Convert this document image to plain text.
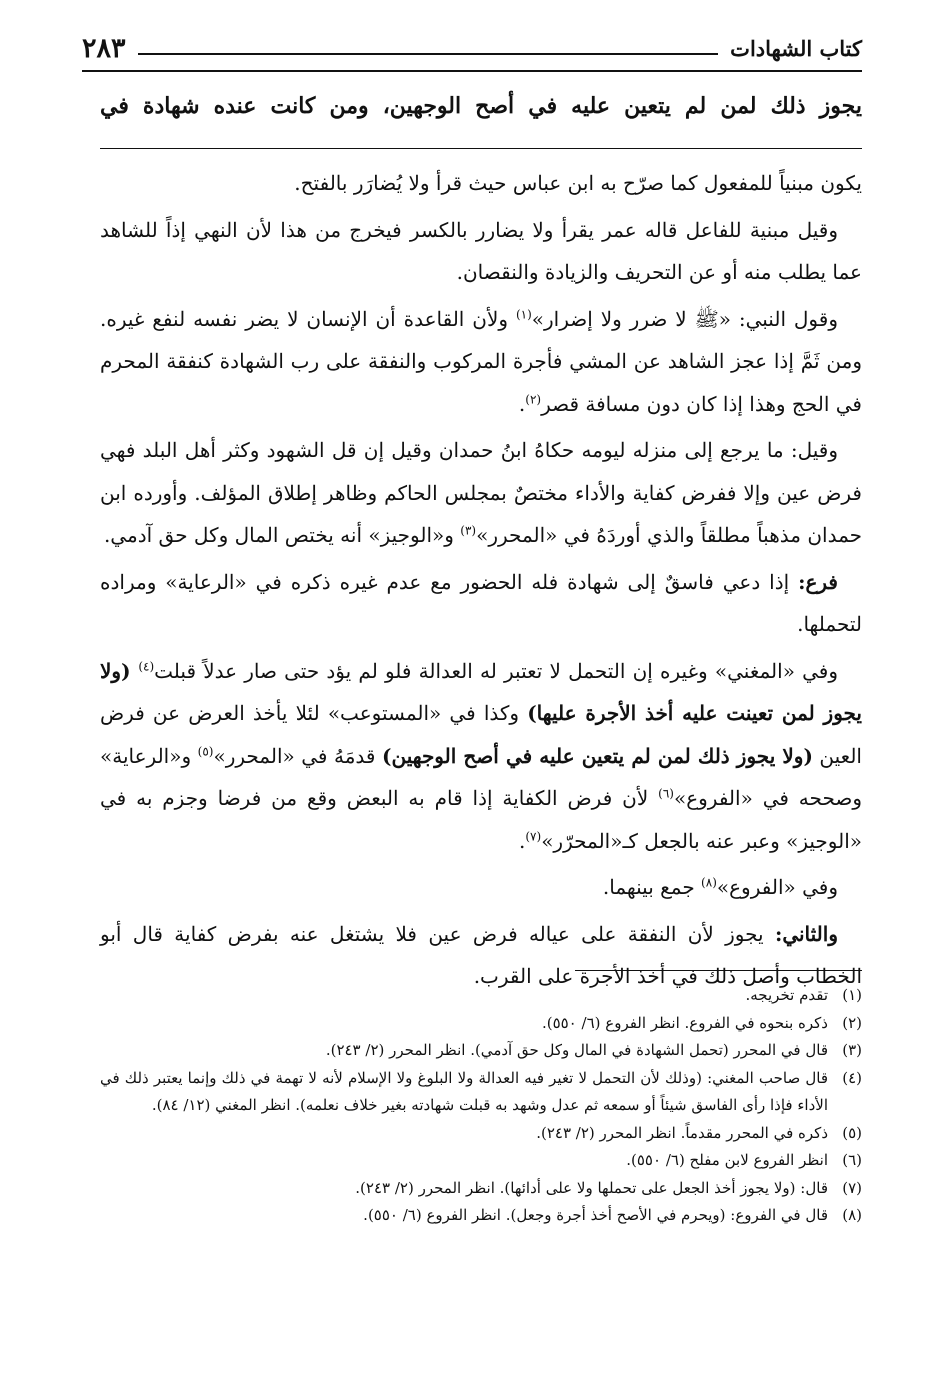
٢٨٣	كتاب الشهادات
يجوز ذلك لمن لم يتعين عليه في أصح الوجهين، ومن كانت عنده شهادة في

يكون مبنياً للمفعول كما صرّح به ابن عباس حيث قرأ ولا يُضارَر بالفتح.

وقيل مبنية للفاعل قاله عمر يقرأ ولا يضارر بالكسر فيخرج من هذا لأن النهي إذاً للشاهد عما يطلب منه أو عن التحريف والزيادة والنقصان.

وقول النبي: «ﷺ لا ضرر ولا إضرار»$^{(١)}$ ولأن القاعدة أن الإنسان لا يضر نفسه لنفع غيره. ومن ثَمَّ إذا عجز الشاهد عن المشي فأجرة المركوب والنفقة على رب الشهادة كنفقة المحرم في الحج وهذا إذا كان دون مسافة قصر$^{(٢)}$.

وقيل: ما يرجع إلى منزله ليومه حكاهُ ابنُ حمدان وقيل إن قل الشهود وكثر أهل البلد فهي فرض عين وإلا ففرض كفاية والأداء مختصٌ بمجلس الحاكم وظاهر إطلاق المؤلف. وأورده ابن حمدان مذهباً مطلقاً والذي أوردَهُ في «المحرر»$^{(٣)}$ و«الوجيز» أنه يختص المال وكل حق آدمي.

فرع: إذا دعي فاسقٌ إلى شهادة فله الحضور مع عدم غيره ذكره في «الرعاية» ومراده لتحملها.

وفي «المغني» وغيره إن التحمل لا تعتبر له العدالة فلو لم يؤد حتى صار عدلاً قبلت$^{(٤)}$ (ولا يجوز لمن تعينت عليه أخذ الأجرة عليها) وكذا في «المستوعب» لئلا يأخذ العرض عن فرض العين (ولا يجوز ذلك لمن لم يتعين عليه في أصح الوجهين) قدمَهُ في «المحرر»$^{(٥)}$ و«الرعاية» وصححه في «الفروع»$^{(٦)}$ لأن فرض الكفاية إذا قام به البعض وقع من فرضا وجزم به في «الوجيز» وعبر عنه بالجعل كـ«المحرّر»$^{(٧)}$.

وفي «الفروع»$^{(٨)}$ جمع بينهما.

والثاني: يجوز لأن النفقة على عياله فرض عين فلا يشتغل عنه بفرض كفاية قال أبو الخطاب وأصل ذلك في أخذ الأجرة على القرب.

(١)
تقدم تخريجه.
(٢)
ذكره بنحوه في الفروع. انظر الفروع (٦/ ٥٥٠).
(٣)
قال في المحرر (تحمل الشهادة في المال وكل حق آدمي). انظر المحرر (٢/ ٢٤٣).
(٤)
قال صاحب المغني: (وذلك لأن التحمل لا تغير فيه العدالة ولا البلوغ ولا الإسلام لأنه لا تهمة في ذلك وإنما يعتبر ذلك في الأداء فإذا رأى الفاسق شيئاً أو سمعه ثم عدل وشهد به قبلت شهادته بغير خلاف نعلمه). انظر المغني (١٢/ ٨٤).
(٥)
ذكره في المحرر مقدماً. انظر المحرر (٢/ ٢٤٣).
(٦)
انظر الفروع لابن مفلح (٦/ ٥٥٠).
(٧)
قال: (ولا يجوز أخذ الجعل على تحملها ولا على أدائها). انظر المحرر (٢/ ٢٤٣).
(٨)
قال في الفروع: (ويحرم في الأصح أخذ أجرة وجعل). انظر الفروع (٦/ ٥٥٠).
